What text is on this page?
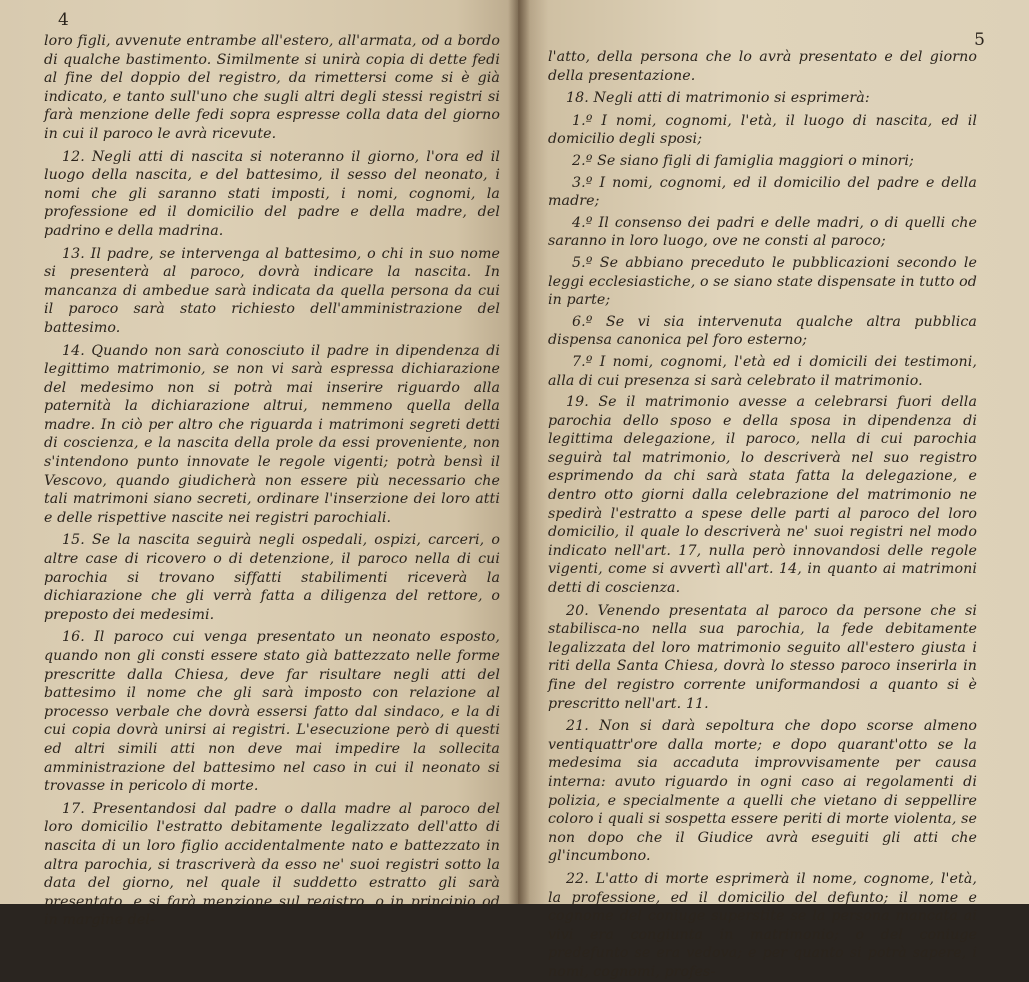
4

loro figli, avvenute entrambe all'estero, all'armata, od a bordo di qualche bastimento. Similmente si unirà copia di dette fedi al fine del doppio del registro, da rimettersi come si è già indicato, e tanto sull'uno che sugli altri degli stessi registri si farà menzione delle fedi sopra espresse colla data del giorno in cui il paroco le avrà ricevute.

12. Negli atti di nascita si noteranno il giorno, l'ora ed il luogo della nascita, e del battesimo, il sesso del neonato, i nomi che gli saranno stati imposti, i nomi, cognomi, la professione ed il domicilio del padre e della madre, del padrino e della madrina.

13. Il padre, se intervenga al battesimo, o chi in suo nome si presenterà al paroco, dovrà indicare la nascita. In mancanza di ambedue sarà indicata da quella persona da cui il paroco sarà stato richiesto dell'amministrazione del battesimo.

14. Quando non sarà conosciuto il padre in dipendenza di legittimo matrimonio, se non vi sarà espressa dichiarazione del medesimo non si potrà mai inserire riguardo alla paternità la dichiarazione altrui, nemmeno quella della madre. In ciò per altro che riguarda i matrimoni segreti detti di coscienza, e la nascita della prole da essi proveniente, non s'intendono punto innovate le regole vigenti; potrà bensì il Vescovo, quando giudicherà non essere più necessario che tali matrimoni siano secreti, ordinare l'inserzione dei loro atti e delle rispettive nascite nei registri parochiali.

15. Se la nascita seguirà negli ospedali, ospizi, carceri, o altre case di ricovero o di detenzione, il paroco nella di cui parochia si trovano siffatti stabilimenti riceverà la dichiarazione che gli verrà fatta a diligenza del rettore, o preposto dei medesimi.

16. Il paroco cui venga presentato un neonato esposto, quando non gli consti essere stato già battezzato nelle forme prescritte dalla Chiesa, deve far risultare negli atti del battesimo il nome che gli sarà imposto con relazione al processo verbale che dovrà essersi fatto dal sindaco, e la di cui copia dovrà unirsi ai registri. L'esecuzione però di questi ed altri simili atti non deve mai impedire la sollecita amministrazione del battesimo nel caso in cui il neonato si trovasse in pericolo di morte.

17. Presentandosi dal padre o dalla madre al paroco del loro domicilio l'estratto debitamente legalizzato dell'atto di nascita di un loro figlio accidentalmente nato e battezzato in altra parochia, si trascriverà da esso ne' suoi registri sotto la data del giorno, nel quale il suddetto estratto gli sarà presentato, e si farà menzione sul registro, o in principio od in margine del-

5

l'atto, della persona che lo avrà presentato e del giorno della presentazione.

18. Negli atti di matrimonio si esprimerà:

1.º I nomi, cognomi, l'età, il luogo di nascita, ed il domicilio degli sposi;

2.º Se siano figli di famiglia maggiori o minori;

3.º I nomi, cognomi, ed il domicilio del padre e della madre;

4.º Il consenso dei padri e delle madri, o di quelli che saranno in loro luogo, ove ne consti al paroco;

5.º Se abbiano preceduto le pubblicazioni secondo le leggi ecclesiastiche, o se siano state dispensate in tutto od in parte;

6.º Se vi sia intervenuta qualche altra pubblica dispensa canonica pel foro esterno;

7.º I nomi, cognomi, l'età ed i domicili dei testimoni, alla di cui presenza si sarà celebrato il matrimonio.

19. Se il matrimonio avesse a celebrarsi fuori della parochia dello sposo e della sposa in dipendenza di legittima delegazione, il paroco, nella di cui parochia seguirà tal matrimonio, lo descriverà nel suo registro esprimendo da chi sarà stata fatta la delegazione, e dentro otto giorni dalla celebrazione del matrimonio ne spedirà l'estratto a spese delle parti al paroco del loro domicilio, il quale lo descriverà ne' suoi registri nel modo indicato nell'art. 17, nulla però innovandosi delle regole vigenti, come si avvertì all'art. 14, in quanto ai matrimoni detti di coscienza.

20. Venendo presentata al paroco da persone che si stabilisca-no nella sua parochia, la fede debitamente legalizzata del loro matrimonio seguito all'estero giusta i riti della Santa Chiesa, dovrà lo stesso paroco inserirla in fine del registro corrente uniformandosi a quanto si è prescritto nell'art. 11.

21. Non si darà sepoltura che dopo scorse almeno ventiquattr'ore dalla morte; e dopo quarant'otto se la medesima sia accaduta improvvisamente per causa interna: avuto riguardo in ogni caso ai regolamenti di polizia, e specialmente a quelli che vietano di seppellire coloro i quali si sospetta essere periti di morte violenta, se non dopo che il Giudice avrà eseguiti gli atti che gl'incumbono.

22. L'atto di morte esprimerà il nome, cognome, l'età, la professione, ed il domicilio del defunto; il nome e cognome del coniuge superstite se la persona mancata ai vivi era congiunta in matrimonio; o del coniuge predefunto se era vedova; e per quanto si potrà sapere, i nomi, cognomi, profes-
